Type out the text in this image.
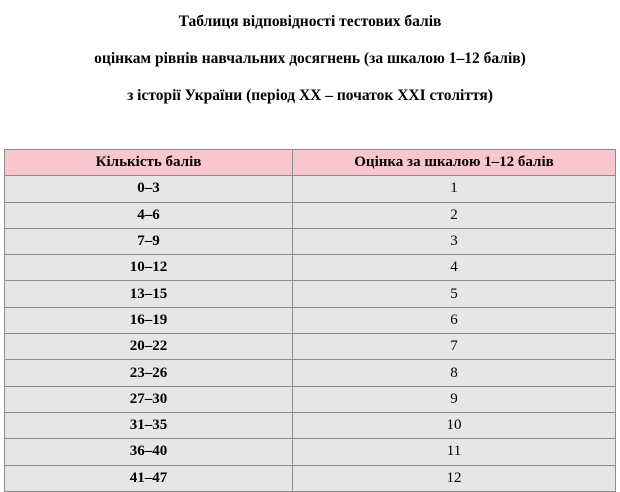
Таблиця відповідності тестових балів
оцінкам рівнів навчальних досягнень (за шкалою 1–12 балів)
з історії України (період ХХ – початок ХХІ століття)
Кількість балів	Оцінка за шкалою 1–12 балів
0–3	1
4–6	2
7–9	3
10–12	4
13–15	5
16–19	6
20–22	7
23–26	8
27–30	9
31–35	10
36–40	11
41–47	12
